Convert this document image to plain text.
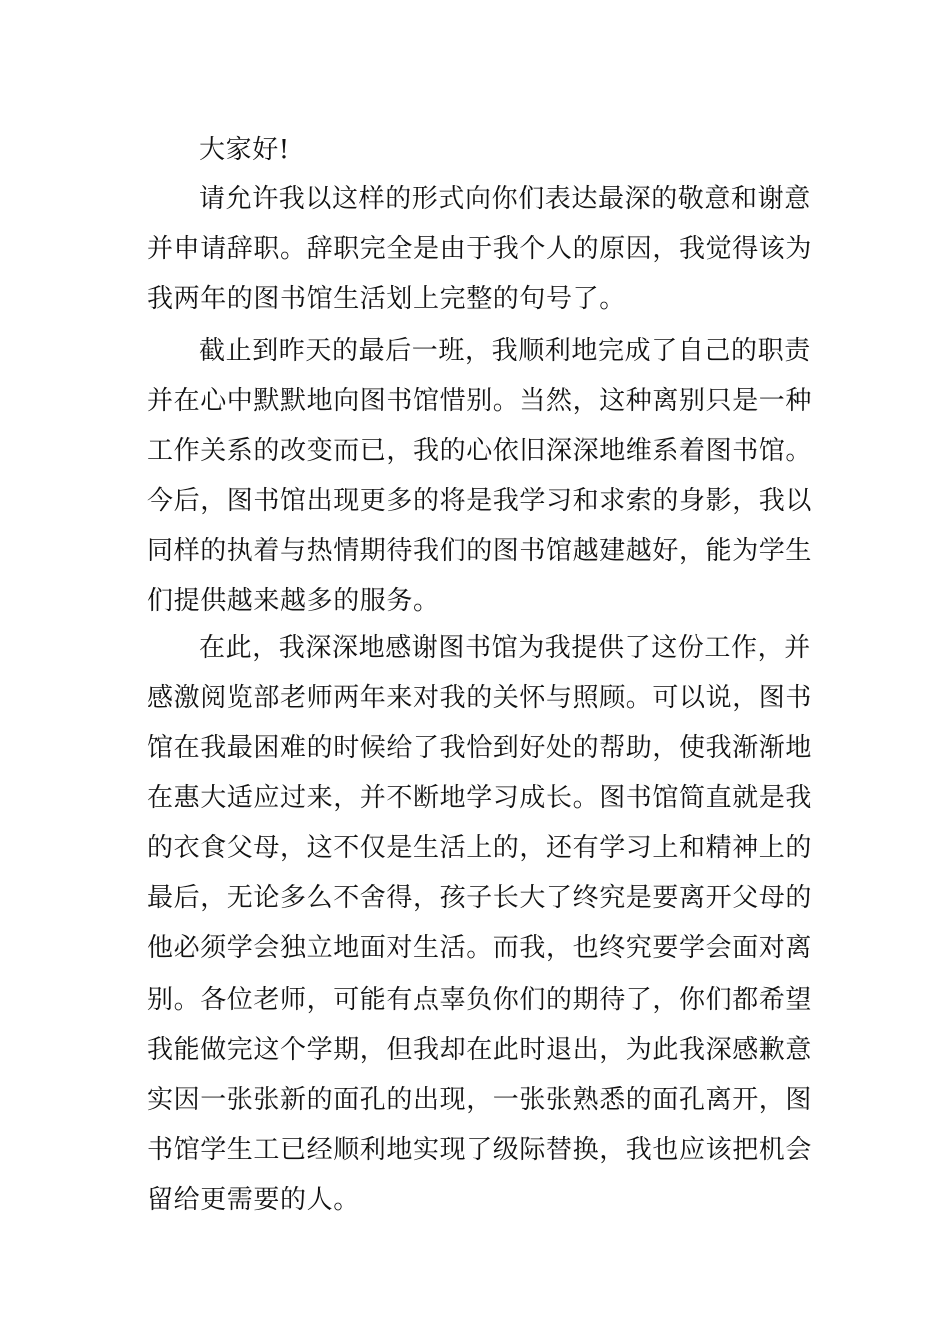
大家好!
请允许我以这样的形式向你们表达最深的敬意和谢意
并申请辞职。辞职完全是由于我个人的原因，我觉得该为
我两年的图书馆生活划上完整的句号了。
截止到昨天的最后一班，我顺利地完成了自己的职责
并在心中默默地向图书馆惜别。当然，这种离别只是一种
工作关系的改变而已，我的心依旧深深地维系着图书馆。
今后，图书馆出现更多的将是我学习和求索的身影，我以
同样的执着与热情期待我们的图书馆越建越好，能为学生
们提供越来越多的服务。
在此，我深深地感谢图书馆为我提供了这份工作，并
感激阅览部老师两年来对我的关怀与照顾。可以说，图书
馆在我最困难的时候给了我恰到好处的帮助，使我渐渐地
在惠大适应过来，并不断地学习成长。图书馆简直就是我
的衣食父母，这不仅是生活上的，还有学习上和精神上的
最后，无论多么不舍得，孩子长大了终究是要离开父母的
他必须学会独立地面对生活。而我，也终究要学会面对离
别。各位老师，可能有点辜负你们的期待了，你们都希望
我能做完这个学期，但我却在此时退出，为此我深感歉意
实因一张张新的面孔的出现，一张张熟悉的面孔离开，图
书馆学生工已经顺利地实现了级际替换，我也应该把机会
留给更需要的人。
